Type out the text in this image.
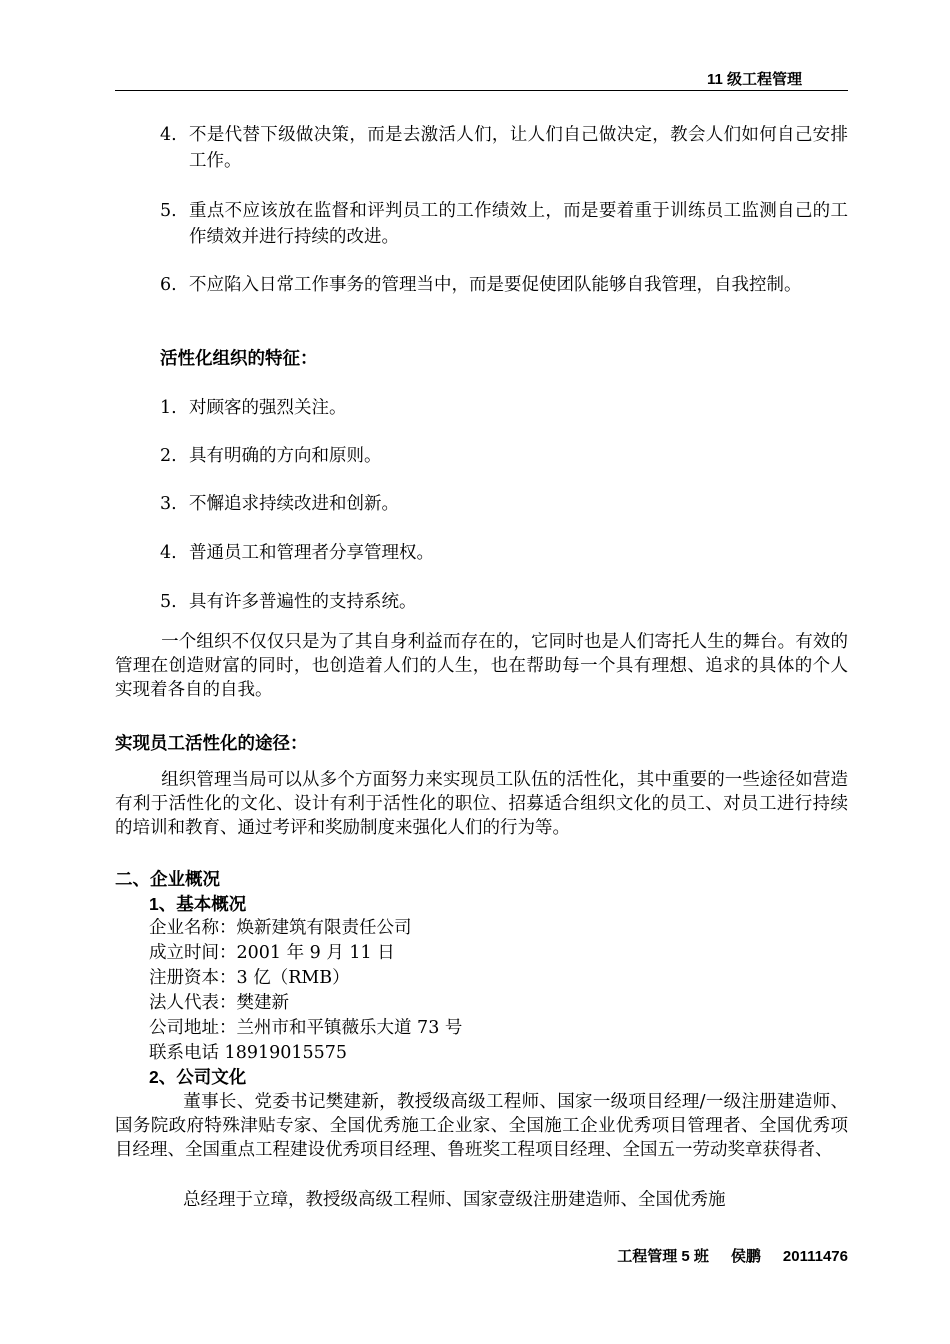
11 级工程管理
4. 不是代替下级做决策，而是去激活人们，让人们自己做决定，教会人们如何自己安排工作。
5. 重点不应该放在监督和评判员工的工作绩效上，而是要着重于训练员工监测自己的工作绩效并进行持续的改进。
6. 不应陷入日常工作事务的管理当中，而是要促使团队能够自我管理，自我控制。
活性化组织的特征：
1. 对顾客的强烈关注。
2. 具有明确的方向和原则。
3. 不懈追求持续改进和创新。
4. 普通员工和管理者分享管理权。
5. 具有许多普遍性的支持系统。
一个组织不仅仅只是为了其自身利益而存在的，它同时也是人们寄托人生的舞台。有效的管理在创造财富的同时，也创造着人们的人生，也在帮助每一个具有理想、追求的具体的个人实现着各自的自我。
实现员工活性化的途径：
组织管理当局可以从多个方面努力来实现员工队伍的活性化，其中重要的一些途径如营造有利于活性化的文化、设计有利于活性化的职位、招募适合组织文化的员工、对员工进行持续的培训和教育、通过考评和奖励制度来强化人们的行为等。
二、企业概况
1、基本概况
企业名称：焕新建筑有限责任公司
成立时间：2001 年 9 月 11 日
注册资本：3 亿（RMB）
法人代表：樊建新
公司地址：兰州市和平镇薇乐大道 73 号
联系电话 18919015575
2、公司文化
董事长、党委书记樊建新，教授级高级工程师、国家一级项目经理/一级注册建造师、国务院政府特殊津贴专家、全国优秀施工企业家、全国施工企业优秀项目管理者、全国优秀项目经理、全国重点工程建设优秀项目经理、鲁班奖工程项目经理、全国五一劳动奖章获得者、
总经理于立璋，教授级高级工程师、国家壹级注册建造师、全国优秀施
工程管理 5 班 侯鹏 20111476
